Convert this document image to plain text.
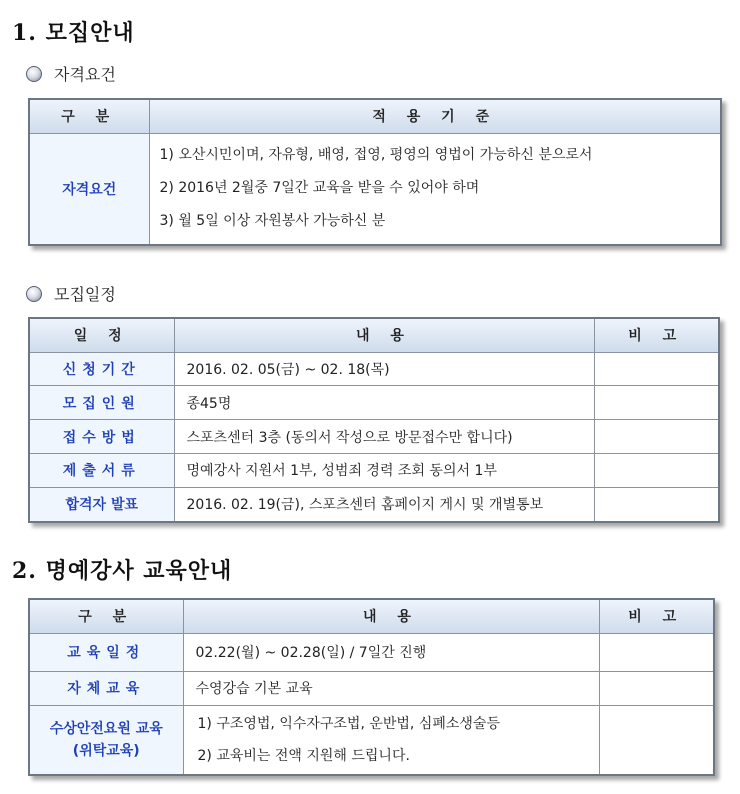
1. 모집안내
자격요건
구 분	적 용 기 준
자격요건	1) 오산시민이며, 자유형, 배영, 접영, 평영의 영법이 가능하신 분으로서
2) 2016년 2월중 7일간 교육을 받을 수 있어야 하며
3) 월 5일 이상 자원봉사 가능하신 분
모집일정
일 정	내 용	비 고
신청기간	2016. 02. 05(금) ~ 02. 18(목)	
모집인원	종45명	
접수방법	스포츠센터 3층 (동의서 작성으로 방문접수만 합니다)	
제출서류	명예강사 지원서 1부, 성범죄 경력 조회 동의서 1부	
합격자 발표	2016. 02. 19(금), 스포츠센터 홈페이지 게시 및 개별통보	
2. 명예강사 교육안내
구 분	내 용	비 고
교육일정	02.22(월) ~ 02.28(일) / 7일간 진행	
자체교육	수영강습 기본 교육	

수상안전요원 교육
(위탁교육)	1) 구조영법, 익수자구조법, 운반법, 심폐소생술등
2) 교육비는 전액 지원해 드립니다.	
